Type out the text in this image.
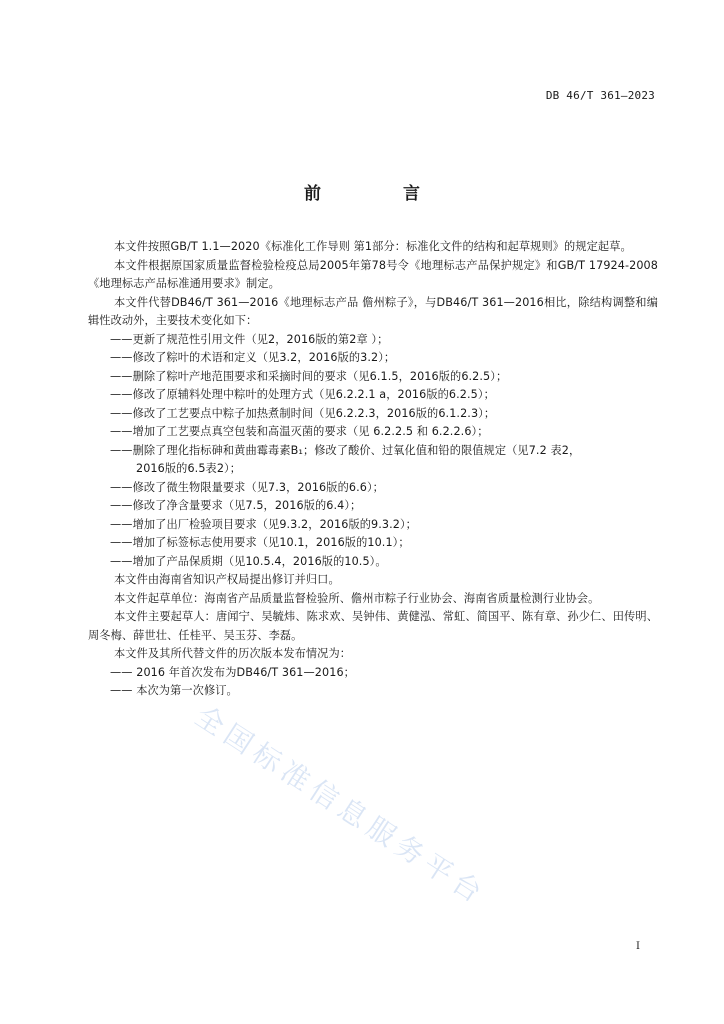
DB 46/T 361—2023
前 言

本文件按照GB/T 1.1—2020《标准化工作导则 第1部分：标准化文件的结构和起草规则》的规定起草。

本文件根据原国家质量监督检验检疫总局2005年第78号令《地理标志产品保护规定》和GB/T 17924-2008《地理标志产品标准通用要求》制定。

本文件代替DB46/T 361—2016《地理标志产品 儋州粽子》，与DB46/T 361—2016相比，除结构调整和编辑性改动外，主要技术变化如下：

——更新了规范性引用文件（见2，2016版的第2章 ）；

——修改了粽叶的术语和定义（见3.2，2016版的3.2）；

——删除了粽叶产地范围要求和采摘时间的要求（见6.1.5，2016版的6.2.5）；

——修改了原辅料处理中粽叶的处理方式（见6.2.2.1 a，2016版的6.2.5）；

——修改了工艺要点中粽子加热煮制时间（见6.2.2.3，2016版的6.1.2.3）；

——增加了工艺要点真空包装和高温灭菌的要求（见 6.2.2.5 和 6.2.2.6）；

——删除了理化指标砷和黄曲霉毒素B₁；修改了酸价、过氧化值和铅的限值规定（见7.2 表2，

2016版的6.5表2）；

——修改了微生物限量要求（见7.3，2016版的6.6）；

——修改了净含量要求（见7.5，2016版的6.4）；

——增加了出厂检验项目要求（见9.3.2，2016版的9.3.2）；

——增加了标签标志使用要求（见10.1，2016版的10.1）；

——增加了产品保质期（见10.5.4，2016版的10.5）。

本文件由海南省知识产权局提出修订并归口。

本文件起草单位：海南省产品质量监督检验所、儋州市粽子行业协会、海南省质量检测行业协会。

本文件主要起草人：唐闻宁、吴毓炜、陈求欢、吴钟伟、黄健泓、常虹、简国平、陈有章、孙少仁、田传明、周冬梅、薛世壮、任桂平、吴玉芬、李磊。

本文件及其所代替文件的历次版本发布情况为：

—— 2016 年首次发布为DB46/T 361—2016；

—— 本次为第一次修订。

全国标准信息服务平台
I
